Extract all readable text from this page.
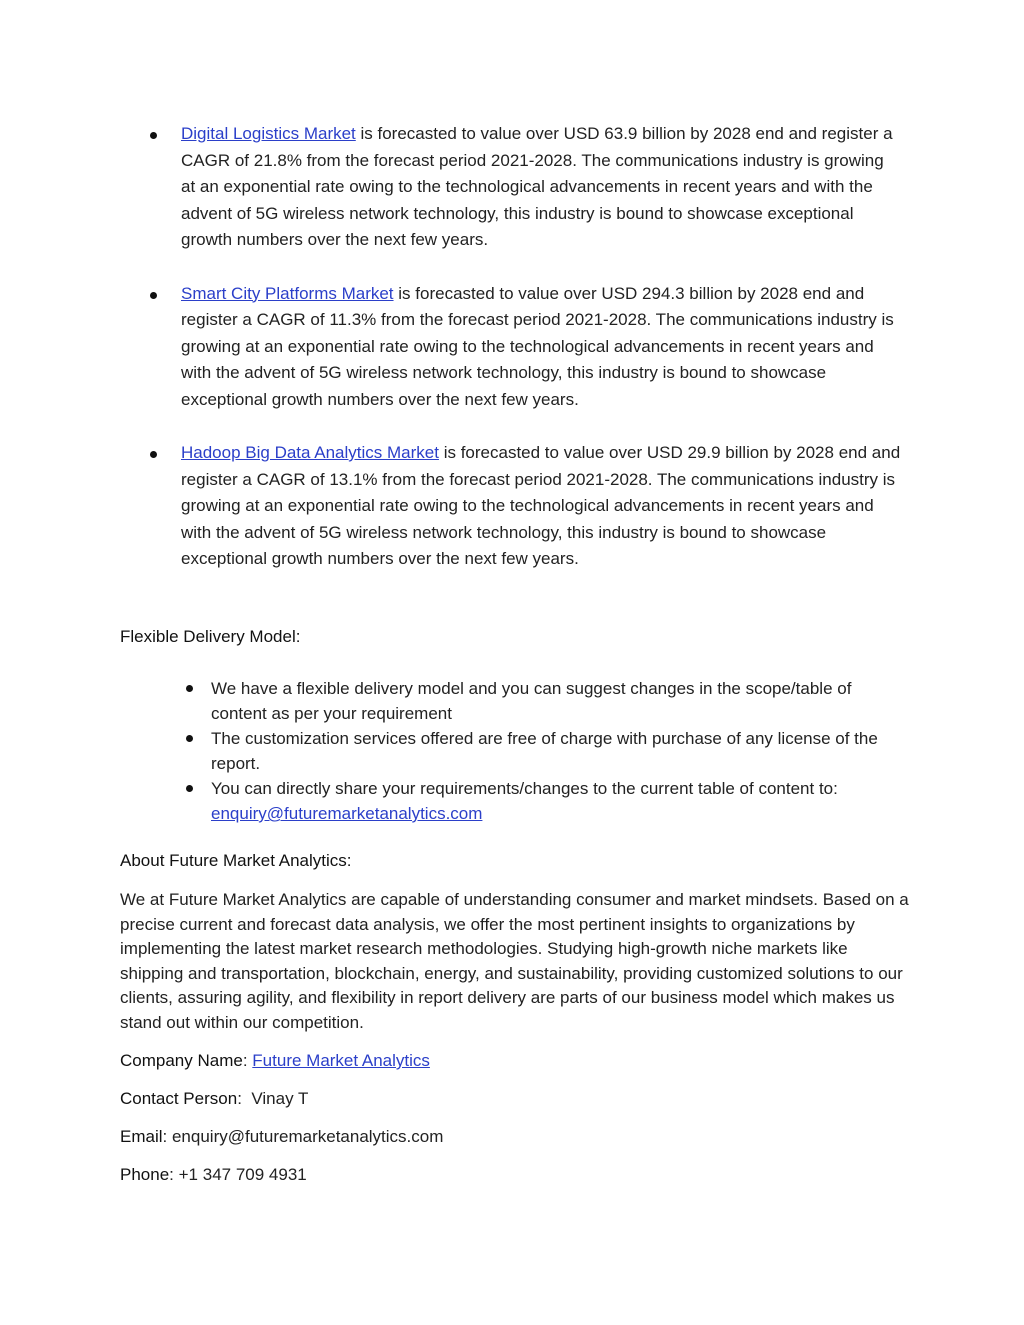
Digital Logistics Market is forecasted to value over USD 63.9 billion by 2028 end and register a CAGR of 21.8% from the forecast period 2021-2028. The communications industry is growing at an exponential rate owing to the technological advancements in recent years and with the advent of 5G wireless network technology, this industry is bound to showcase exceptional growth numbers over the next few years.
Smart City Platforms Market is forecasted to value over USD 294.3 billion by 2028 end and register a CAGR of 11.3% from the forecast period 2021-2028. The communications industry is growing at an exponential rate owing to the technological advancements in recent years and with the advent of 5G wireless network technology, this industry is bound to showcase exceptional growth numbers over the next few years.
Hadoop Big Data Analytics Market is forecasted to value over USD 29.9 billion by 2028 end and register a CAGR of 13.1% from the forecast period 2021-2028. The communications industry is growing at an exponential rate owing to the technological advancements in recent years and with the advent of 5G wireless network technology, this industry is bound to showcase exceptional growth numbers over the next few years.
Flexible Delivery Model:
We have a flexible delivery model and you can suggest changes in the scope/table of content as per your requirement
The customization services offered are free of charge with purchase of any license of the report.
You can directly share your requirements/changes to the current table of content to: enquiry@futuremarketanalytics.com
About Future Market Analytics:

We at Future Market Analytics are capable of understanding consumer and market mindsets. Based on a precise current and forecast data analysis, we offer the most pertinent insights to organizations by implementing the latest market research methodologies. Studying high-growth niche markets like shipping and transportation, blockchain, energy, and sustainability, providing customized solutions to our clients, assuring agility, and flexibility in report delivery are parts of our business model which makes us stand out within our competition.

Company Name: Future Market Analytics

Contact Person:  Vinay T

Email: enquiry@futuremarketanalytics.com

Phone: +1 347 709 4931
